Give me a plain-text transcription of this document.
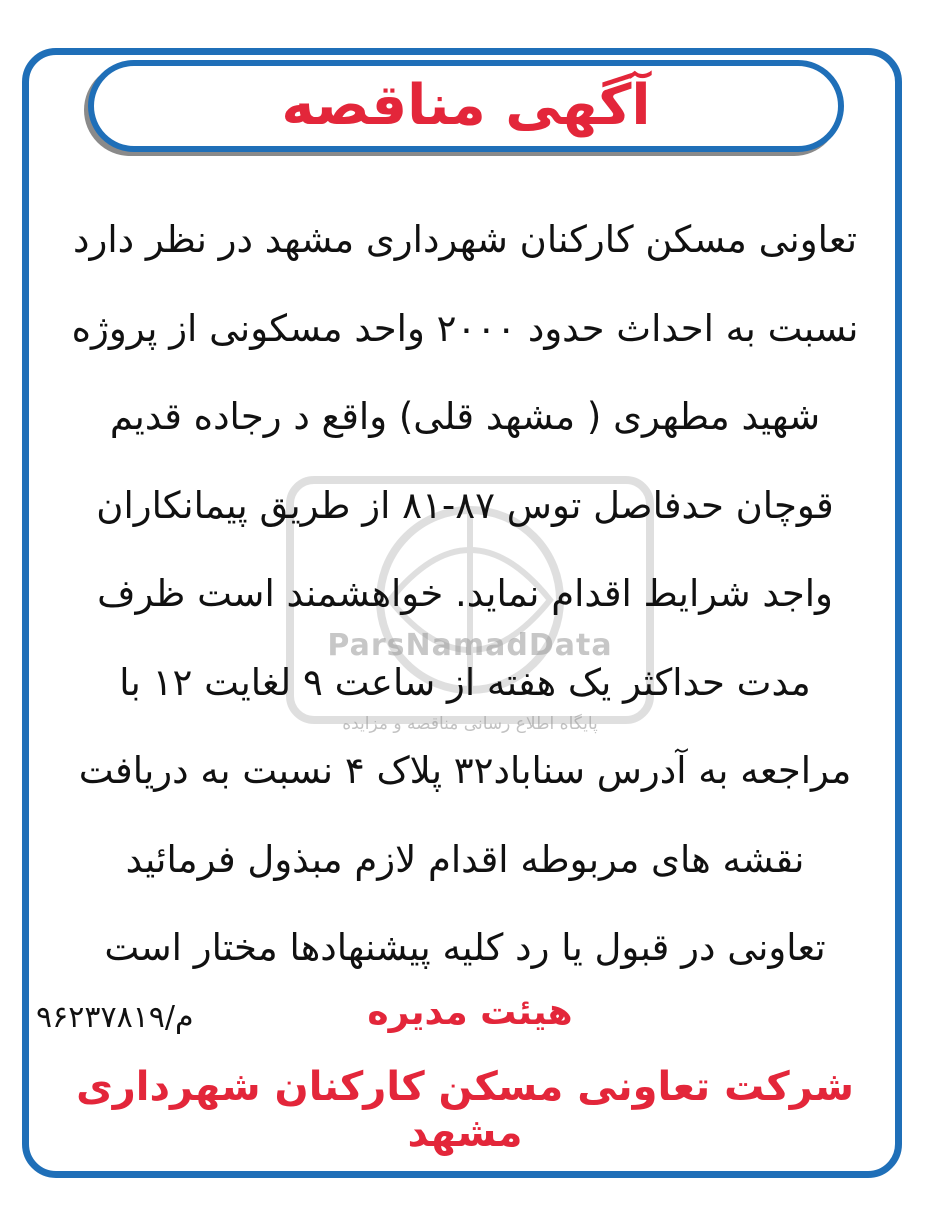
آگهی مناقصه
ParsNamadData
پایگاه اطلاع رسانی مناقصه و مزایده

تعاونی مسکن کارکنان شهرداری مشهد در نظر دارد
نسبت به احداث حدود ۲۰۰۰ واحد مسکونی از پروژه
شهید مطهری ( مشهد قلی) واقع د رجاده قدیم
قوچان حدفاصل توس ۸۷-۸۱ از طریق پیمانکاران
واجد شرایط اقدام نماید. خواهشمند است ظرف
مدت حداکثر یک هفته از ساعت ۹ لغایت ۱۲ با
مراجعه به آدرس سناباد۳۲ پلاک ۴ نسبت به دریافت
نقشه های مربوطه اقدام لازم مبذول فرمائید
تعاونی در قبول یا رد کلیه پیشنهادها مختار است

هیئت مدیره
م/۹۶۲۳۷۸۱۹
شرکت تعاونی مسکن کارکنان شهرداری مشهد
